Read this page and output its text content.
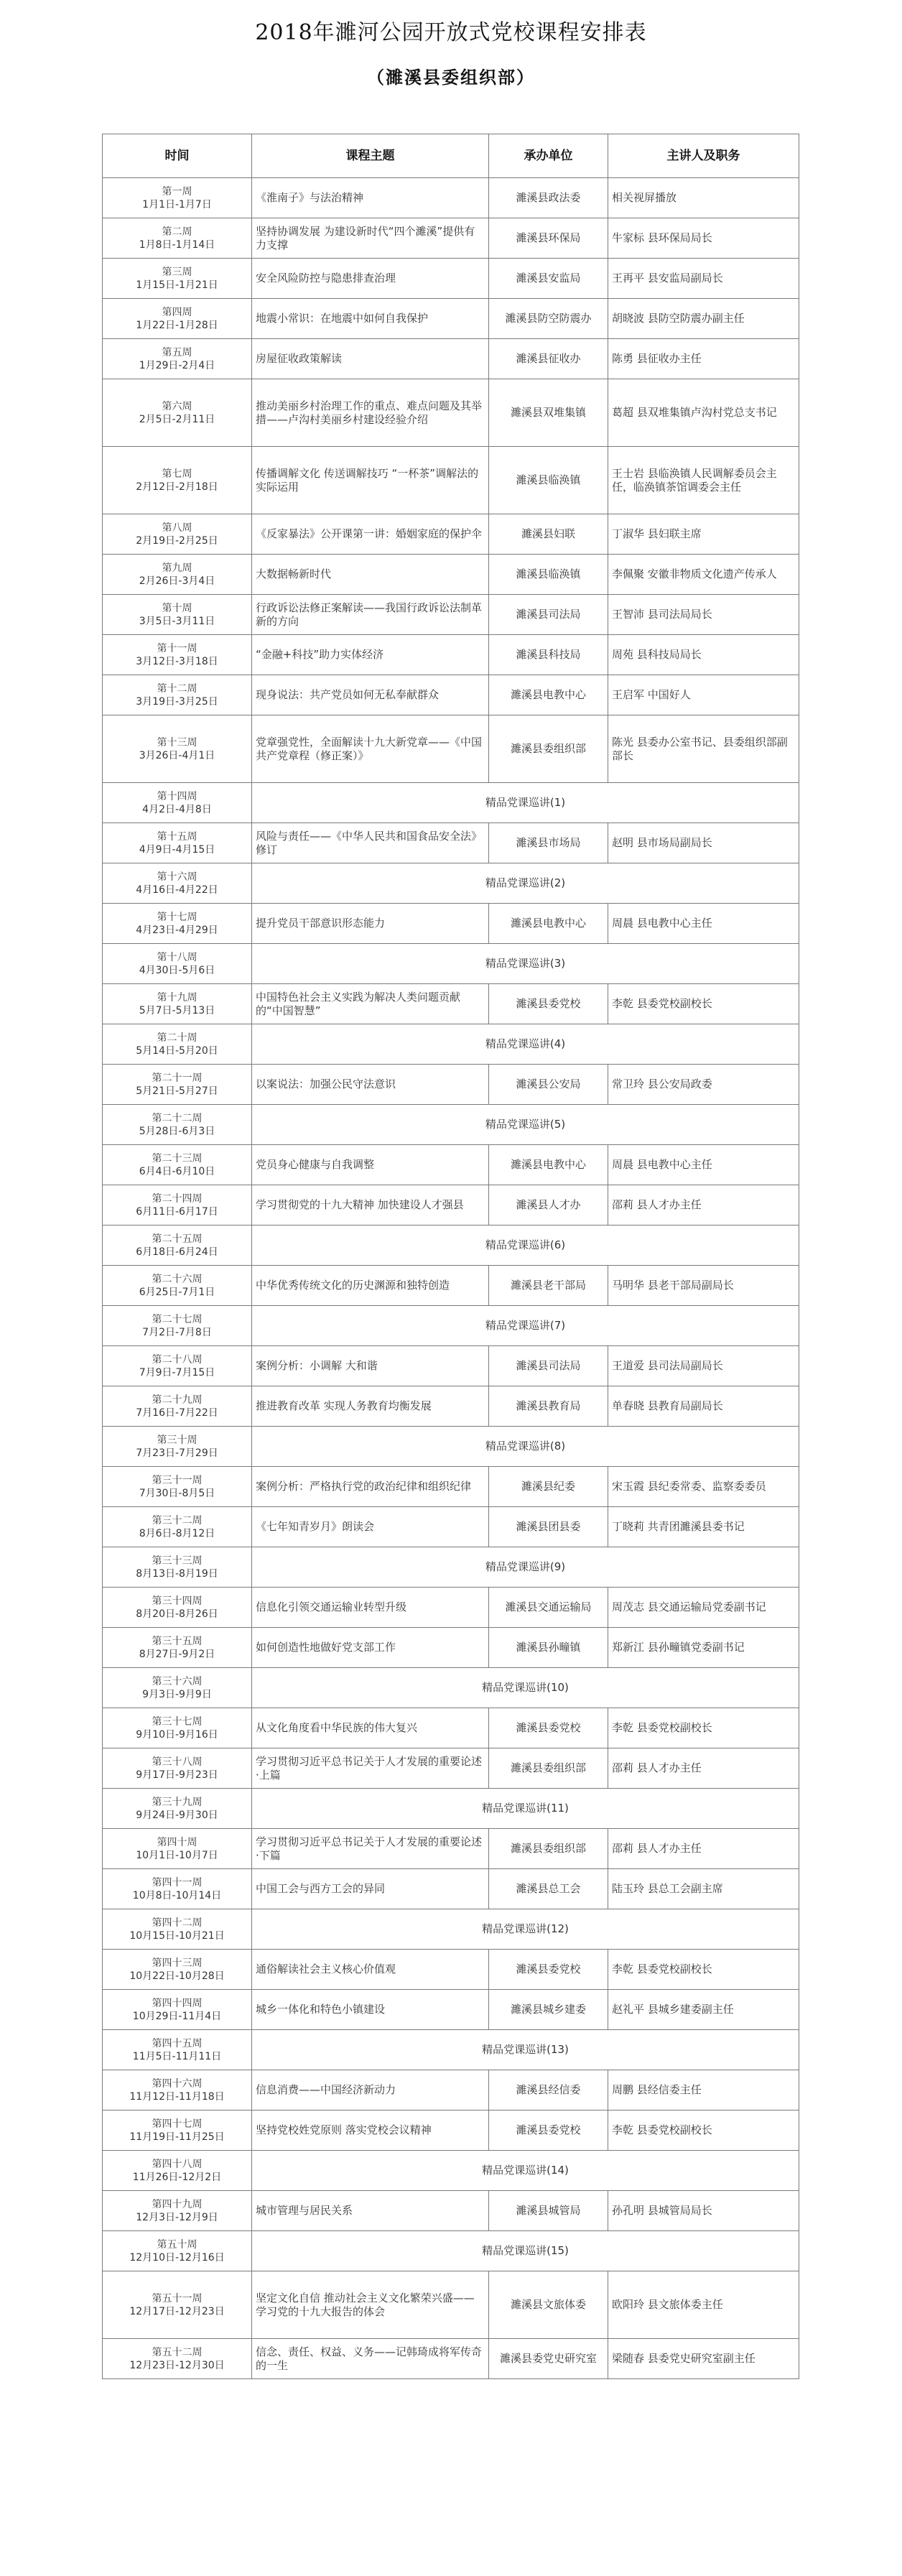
2018年濉河公园开放式党校课程安排表
（濉溪县委组织部）
时间	课程主题	承办单位	主讲人及职务

第一周
1月1日-1月7日	《淮南子》与法治精神	濉溪县政法委	相关视屏播放

第二周
1月8日-1月14日	坚持协调发展 为建设新时代“四个濉溪”提供有力支撑	濉溪县环保局	牛家标 县环保局局长

第三周
1月15日-1月21日	安全风险防控与隐患排查治理	濉溪县安监局	王再平 县安监局副局长

第四周
1月22日-1月28日	地震小常识：在地震中如何自我保护	濉溪县防空防震办	胡晓波 县防空防震办副主任

第五周
1月29日-2月4日	房屋征收政策解读	濉溪县征收办	陈勇 县征收办主任

第六周
2月5日-2月11日	推动美丽乡村治理工作的重点、难点问题及其举措——卢沟村美丽乡村建设经验介绍	濉溪县双堆集镇	葛超 县双堆集镇卢沟村党总支书记

第七周
2月12日-2月18日	传播调解文化 传送调解技巧 “一杯茶”调解法的实际运用	濉溪县临涣镇	王士岩 县临涣镇人民调解委员会主任，临涣镇茶馆调委会主任

第八周
2月19日-2月25日	《反家暴法》公开课第一讲：婚姻家庭的保护伞	濉溪县妇联	丁淑华 县妇联主席

第九周
2月26日-3月4日	大数据畅新时代	濉溪县临涣镇	李佩聚 安徽非物质文化遗产传承人

第十周
3月5日-3月11日	行政诉讼法修正案解读——我国行政诉讼法制革新的方向	濉溪县司法局	王智沛 县司法局局长

第十一周
3月12日-3月18日	“金融+科技”助力实体经济	濉溪县科技局	周苑 县科技局局长

第十二周
3月19日-3月25日	现身说法：共产党员如何无私奉献群众	濉溪县电教中心	王启军 中国好人

第十三周
3月26日-4月1日	党章强党性，全面解读十九大新党章——《中国共产党章程（修正案）》	濉溪县委组织部	陈光 县委办公室书记、县委组织部副部长

第十四周
4月2日-4月8日	精品党课巡讲(1)		

第十五周
4月9日-4月15日	风险与责任——《中华人民共和国食品安全法》修订	濉溪县市场局	赵明 县市场局副局长

第十六周
4月16日-4月22日	精品党课巡讲(2)		

第十七周
4月23日-4月29日	提升党员干部意识形态能力	濉溪县电教中心	周晨 县电教中心主任

第十八周
4月30日-5月6日	精品党课巡讲(3)		

第十九周
5月7日-5月13日	中国特色社会主义实践为解决人类问题贡献的“中国智慧”	濉溪县委党校	李乾 县委党校副校长

第二十周
5月14日-5月20日	精品党课巡讲(4)		

第二十一周
5月21日-5月27日	以案说法：加强公民守法意识	濉溪县公安局	常卫玲 县公安局政委

第二十二周
5月28日-6月3日	精品党课巡讲(5)		

第二十三周
6月4日-6月10日	党员身心健康与自我调整	濉溪县电教中心	周晨 县电教中心主任

第二十四周
6月11日-6月17日	学习贯彻党的十九大精神 加快建设人才强县	濉溪县人才办	邵莉 县人才办主任

第二十五周
6月18日-6月24日	精品党课巡讲(6)		

第二十六周
6月25日-7月1日	中华优秀传统文化的历史渊源和独特创造	濉溪县老干部局	马明华 县老干部局副局长

第二十七周
7月2日-7月8日	精品党课巡讲(7)		

第二十八周
7月9日-7月15日	案例分析：小调解 大和谐	濉溪县司法局	王道爱 县司法局副局长

第二十九周
7月16日-7月22日	推进教育改革 实现人务教育均衡发展	濉溪县教育局	单春晓 县教育局副局长

第三十周
7月23日-7月29日	精品党课巡讲(8)		

第三十一周
7月30日-8月5日	案例分析：严格执行党的政治纪律和组织纪律	濉溪县纪委	宋玉霞 县纪委常委、监察委委员

第三十二周
8月6日-8月12日	《七年知青岁月》朗读会	濉溪县团县委	丁晓莉 共青团濉溪县委书记

第三十三周
8月13日-8月19日	精品党课巡讲(9)		

第三十四周
8月20日-8月26日	信息化引领交通运输业转型升级	濉溪县交通运输局	周茂志 县交通运输局党委副书记

第三十五周
8月27日-9月2日	如何创造性地做好党支部工作	濉溪县孙疃镇	郑新江 县孙疃镇党委副书记

第三十六周
9月3日-9月9日	精品党课巡讲(10)		

第三十七周
9月10日-9月16日	从文化角度看中华民族的伟大复兴	濉溪县委党校	李乾 县委党校副校长

第三十八周
9月17日-9月23日	学习贯彻习近平总书记关于人才发展的重要论述·上篇	濉溪县委组织部	邵莉 县人才办主任

第三十九周
9月24日-9月30日	精品党课巡讲(11)		

第四十周
10月1日-10月7日	学习贯彻习近平总书记关于人才发展的重要论述·下篇	濉溪县委组织部	邵莉 县人才办主任

第四十一周
10月8日-10月14日	中国工会与西方工会的异同	濉溪县总工会	陆玉玲 县总工会副主席

第四十二周
10月15日-10月21日	精品党课巡讲(12)		

第四十三周
10月22日-10月28日	通俗解读社会主义核心价值观	濉溪县委党校	李乾 县委党校副校长

第四十四周
10月29日-11月4日	城乡一体化和特色小镇建设	濉溪县城乡建委	赵礼平 县城乡建委副主任

第四十五周
11月5日-11月11日	精品党课巡讲(13)		

第四十六周
11月12日-11月18日	信息消费——中国经济新动力	濉溪县经信委	周鹏 县经信委主任

第四十七周
11月19日-11月25日	坚持党校姓党原则 落实党校会议精神	濉溪县委党校	李乾 县委党校副校长

第四十八周
11月26日-12月2日	精品党课巡讲(14)		

第四十九周
12月3日-12月9日	城市管理与居民关系	濉溪县城管局	孙孔明 县城管局局长

第五十周
12月10日-12月16日	精品党课巡讲(15)		

第五十一周
12月17日-12月23日	坚定文化自信 推动社会主义文化繁荣兴盛——学习党的十九大报告的体会	濉溪县文旅体委	欧阳玲 县文旅体委主任

第五十二周
12月23日-12月30日	信念、责任、权益、义务——记韩琦成将军传奇的一生	濉溪县委党史研究室	梁随春 县委党史研究室副主任
